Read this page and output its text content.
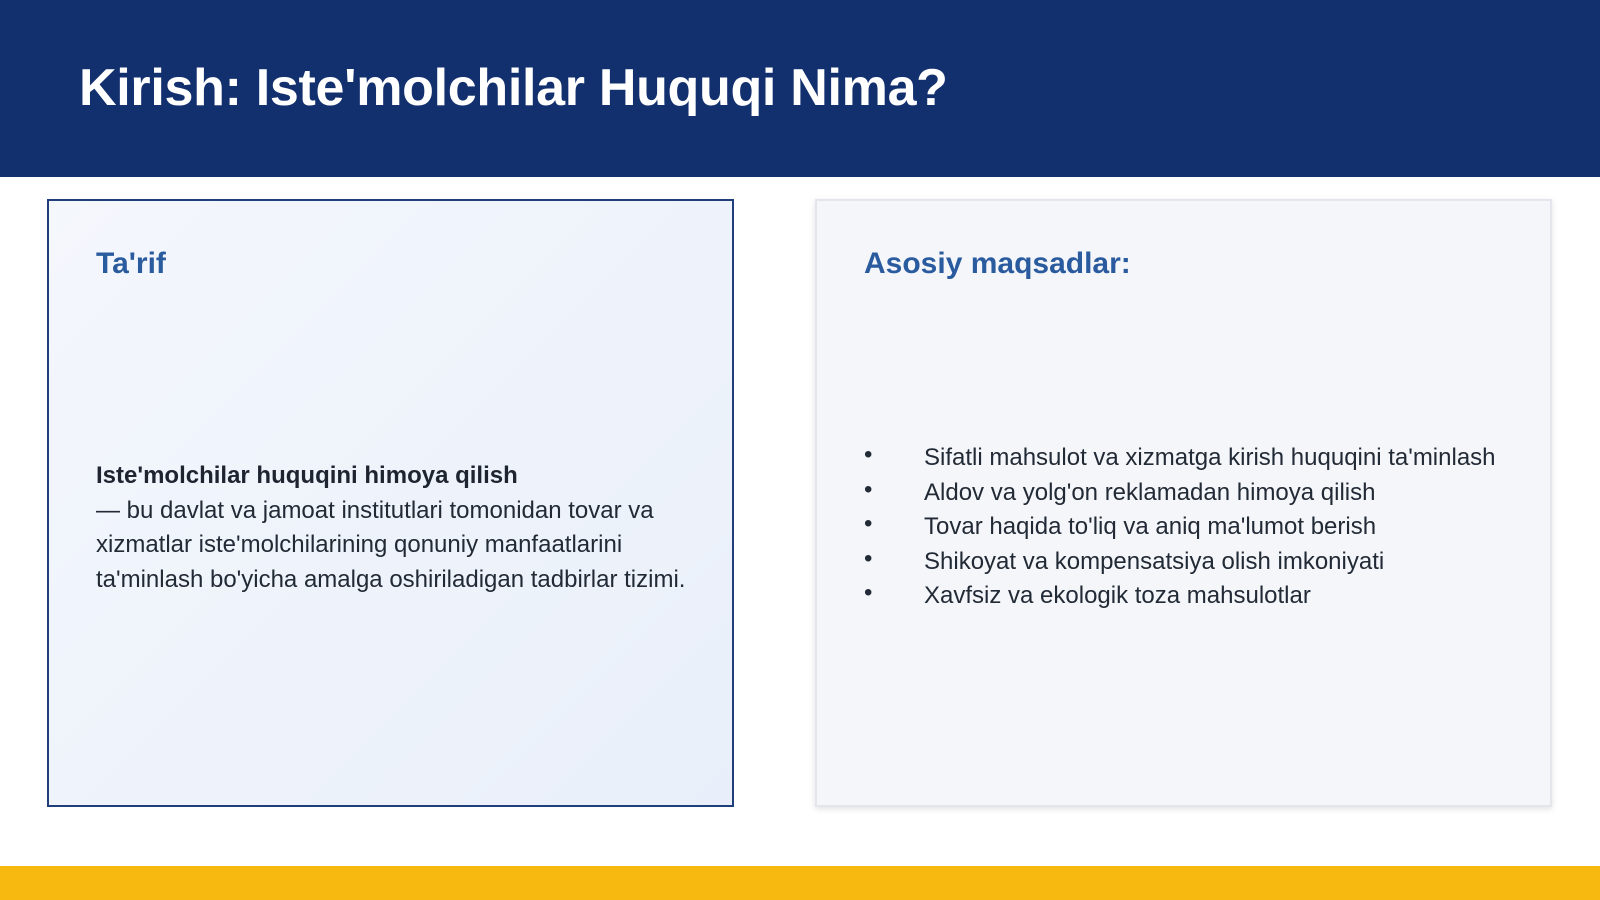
Kirish: Iste'molchilar Huquqi Nima?
Ta'rif
Iste'molchilar huquqini himoya qilish
— bu davlat va jamoat institutlari tomonidan tovar va xizmatlar iste'molchilarining qonuniy manfaatlarini ta'minlash bo'yicha amalga oshiriladigan tadbirlar tizimi.
Asosiy maqsadlar:
• Sifatli mahsulot va xizmatga kirish huquqini ta'minlash
• Aldov va yolg'on reklamadan himoya qilish
• Tovar haqida to'liq va aniq ma'lumot berish
• Shikoyat va kompensatsiya olish imkoniyati
• Xavfsiz va ekologik toza mahsulotlar
